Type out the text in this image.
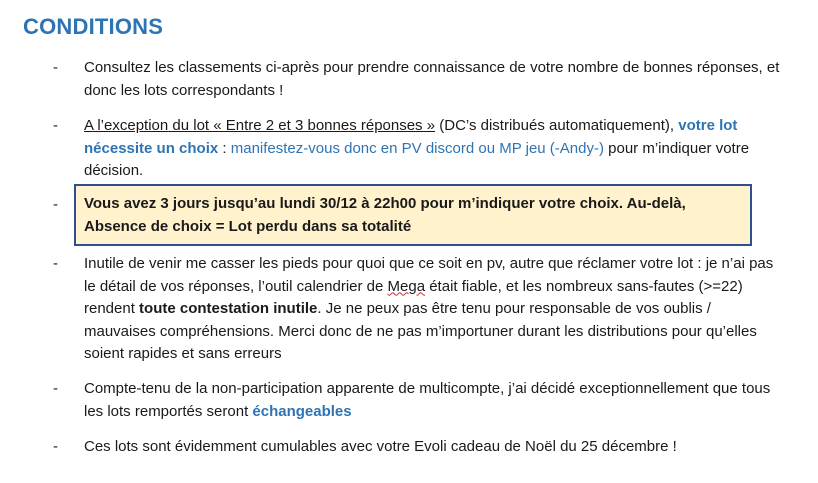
CONDITIONS
- Consultez les classements ci-après pour prendre connaissance de votre nombre de bonnes réponses, et donc les lots correspondants !
- A l’exception du lot « Entre 2 et 3 bonnes réponses » (DC’s distribués automatiquement), votre lot nécessite un choix : manifestez-vous donc en PV discord ou MP jeu (-Andy-) pour m’indiquer votre décision.
- Vous avez 3 jours jusqu’au lundi 30/12 à 22h00 pour m’indiquer votre choix. Au-delà, Absence de choix = Lot perdu dans sa totalité
- Inutile de venir me casser les pieds pour quoi que ce soit en pv, autre que réclamer votre lot : je n’ai pas le détail de vos réponses, l’outil calendrier de Mega était fiable, et les nombreux sans-fautes (>=22) rendent toute contestation inutile. Je ne peux pas être tenu pour responsable de vos oublis / mauvaises compréhensions. Merci donc de ne pas m’importuner durant les distributions pour qu’elles soient rapides et sans erreurs
- Compte-tenu de la non-participation apparente de multicompte, j’ai décidé exceptionnellement que tous les lots remportés seront échangeables
- Ces lots sont évidemment cumulables avec votre Evoli cadeau de Noël du 25 décembre !
